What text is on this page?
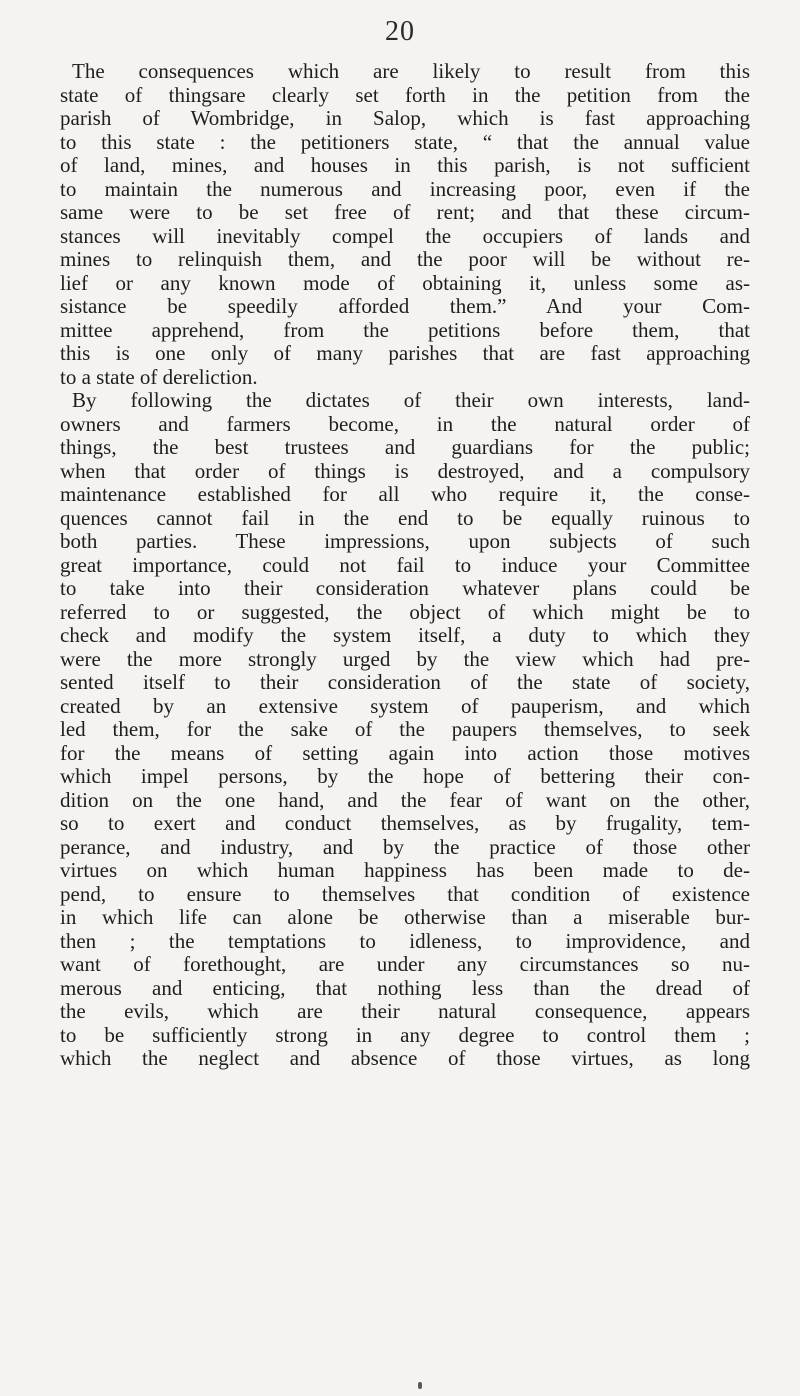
20
The consequences which are likely to result from this
state of thingsare clearly set forth in the petition from the
parish of Wombridge, in Salop, which is fast approaching
to this state : the petitioners state, “ that the annual value
of land, mines, and houses in this parish, is not sufficient
to maintain the numerous and increasing poor, even if the
same were to be set free of rent; and that these circum-
stances will inevitably compel the occupiers of lands and
mines to relinquish them, and the poor will be without re-
lief or any known mode of obtaining it, unless some as-
sistance be speedily afforded them.” And your Com-
mittee apprehend, from the petitions before them, that
this is one only of many parishes that are fast approaching
to a state of dereliction.
By following the dictates of their own interests, land-
owners and farmers become, in the natural order of
things, the best trustees and guardians for the public;
when that order of things is destroyed, and a compulsory
maintenance established for all who require it, the conse-
quences cannot fail in the end to be equally ruinous to
both parties. These impressions, upon subjects of such
great importance, could not fail to induce your Committee
to take into their consideration whatever plans could be
referred to or suggested, the object of which might be to
check and modify the system itself, a duty to which they
were the more strongly urged by the view which had pre-
sented itself to their consideration of the state of society,
created by an extensive system of pauperism, and which
led them, for the sake of the paupers themselves, to seek
for the means of setting again into action those motives
which impel persons, by the hope of bettering their con-
dition on the one hand, and the fear of want on the other,
so to exert and conduct themselves, as by frugality, tem-
perance, and industry, and by the practice of those other
virtues on which human happiness has been made to de-
pend, to ensure to themselves that condition of existence
in which life can alone be otherwise than a miserable bur-
then ; the temptations to idleness, to improvidence, and
want of forethought, are under any circumstances so nu-
merous and enticing, that nothing less than the dread of
the evils, which are their natural consequence, appears
to be sufficiently strong in any degree to control them ;
which the neglect and absence of those virtues, as long
